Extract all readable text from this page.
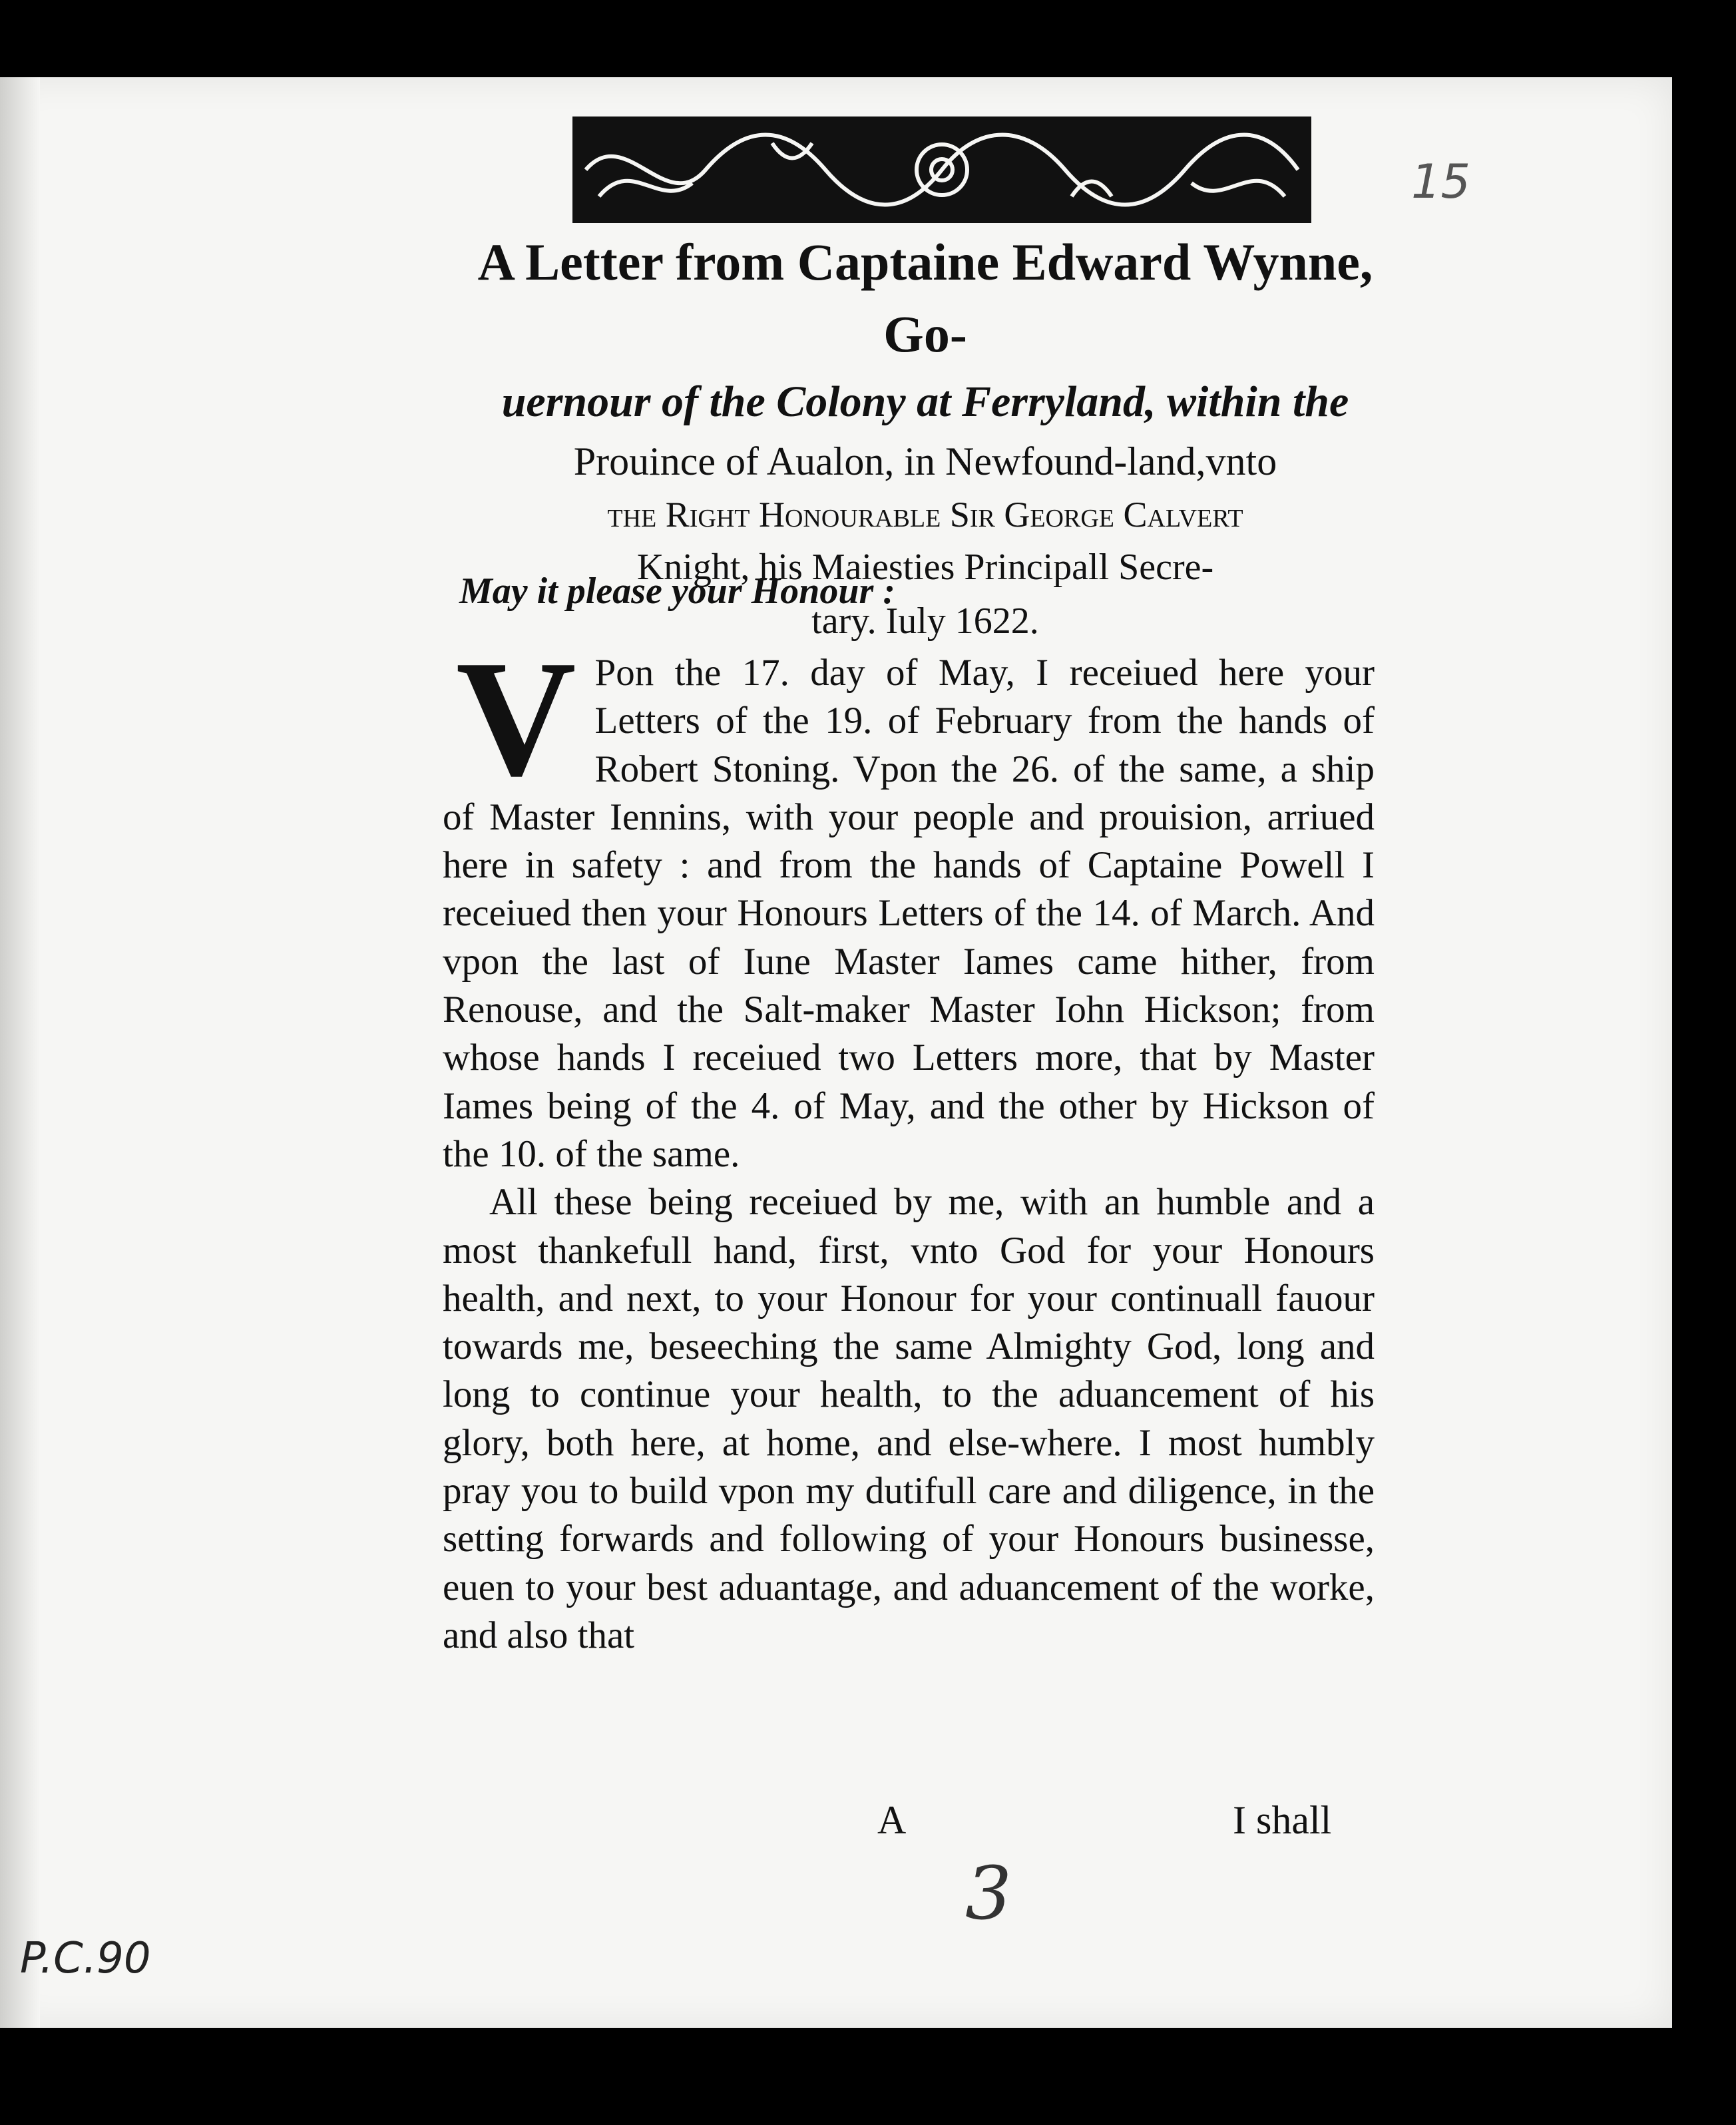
15
A Letter from Captaine Edward Wynne, Go-
uernour of the Colony at Ferryland, within the
Prouince of Aualon, in Newfound-land,vnto
the Right Honourable Sir George Calvert
Knight, his Maiesties Principall Secre-
tary. Iuly 1622.
May it please your Honour :

V Pon the 17. day of May, I receiued here your Letters of the 19. of February from the hands of Robert Stoning. Vpon the 26. of the same, a ship of Master Iennins, with your people and prouision, arriued here in safety : and from the hands of Captaine Powell I receiued then your Honours Letters of the 14. of March. And vpon the last of Iune Master Iames came hither, from Renouse, and the Salt-maker Master Iohn Hickson; from whose hands I receiued two Letters more, that by Master Iames being of the 4. of May, and the other by Hickson of the 10. of the same.

All these being receiued by me, with an humble and a most thankefull hand, first, vnto God for your Honours health, and next, to your Honour for your continuall fauour towards me, beseeching the same Almighty God, long and long to continue your health, to the aduancement of his glory, both here, at home, and else-where. I most humbly pray you to build vpon my dutifull care and diligence, in the setting forwards and following of your Honours businesse, euen to your best aduantage, and aduancement of the worke, and also that

A	I shall
3
P.C.90
